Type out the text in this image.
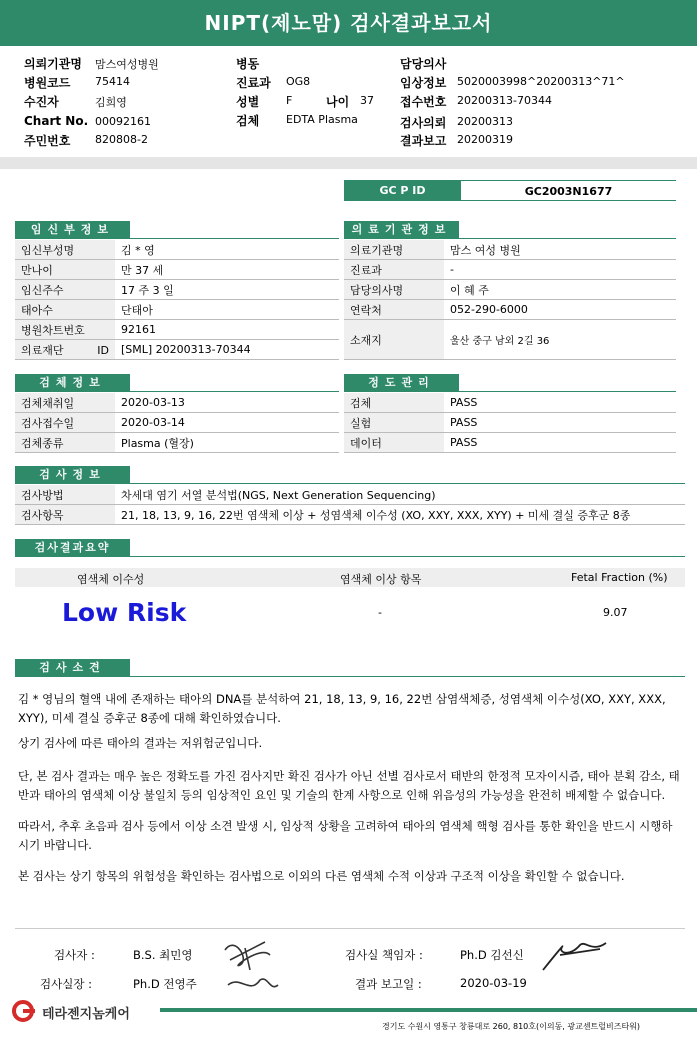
NIPT(제노맘) 검사결과보고서
의뢰기관명 맘스여성병원
병원코드 75414
수진자	김희영
Chart No. 00092161
주민번호 820808-2
병동
진료과 OG8
성별 F	나이 37
검체 EDTA Plasma
담당의사
임상정보 5020003998^20200313^71^
접수번호 20200313-70344
검사의뢰 20200313
결과보고 20200319
GC P ID	GC2003N1677
임신부정보
임신부성명	김 * 영
만나이	만 37 세
임신주수	17 주 3 일
태아수	단태아
병원차트번호	92161
의료재단 ID	[SML] 20200313-70344
의료기관정보
의료기관명	맘스 여성 병원
진료과	-
담당의사명	이 혜 주
연락처	052-290-6000
소재지	울산 중구 남외 2길 36
검체정보
검체채취일	2020-03-13
검사접수일	2020-03-14
검체종류	Plasma (혈장)
정도관리
검체	PASS
실험	PASS
데이터	PASS
검사정보
검사방법	차세대 염기 서열 분석법(NGS, Next Generation Sequencing)
검사항목	21, 18, 13, 9, 16, 22번 염색체 이상 + 성염색체 이수성 (XO, XXY, XXX, XYY) + 미세 결실 증후군 8종
검사결과요약
염색체 이수성	염색체 이상 항목	Fetal Fraction (%)
Low Risk	-	9.07
검사소견
김 * 영님의 혈액 내에 존재하는 태아의 DNA를 분석하여 21, 18, 13, 9, 16, 22번 삼염색체증, 성염색체 이수성(XO, XXY, XXX, XYY), 미세 결실 증후군 8종에 대해 확인하였습니다.
상기 검사에 따른 태아의 결과는 저위험군입니다.
단, 본 검사 결과는 매우 높은 정확도를 가진 검사지만 확진 검사가 아닌 선별 검사로서 태반의 한정적 모자이시즘, 태아 분획 감소, 태반과 태아의 염색체 이상 불일치 등의 임상적인 요인 및 기술의 한계 사항으로 인해 위음성의 가능성을 완전히 배제할 수 없습니다.
따라서, 추후 초음파 검사 등에서 이상 소견 발생 시, 임상적 상황을 고려하여 태아의 염색체 핵형 검사를 통한 확인을 반드시 시행하시기 바랍니다.
본 검사는 상기 항목의 위험성을 확인하는 검사법으로 이외의 다른 염색체 수적 이상과 구조적 이상을 확인할 수 없습니다.
검사자 :	B.S. 최민영	검사실 책임자 :	Ph.D 김선신
검사실장 :	Ph.D 전영주	결과 보고일 :	2020-03-19
테라젠지놈케어
경기도 수원시 영통구 창룡대로 260, 810호(이의동, 광교센트럴비즈타워)
